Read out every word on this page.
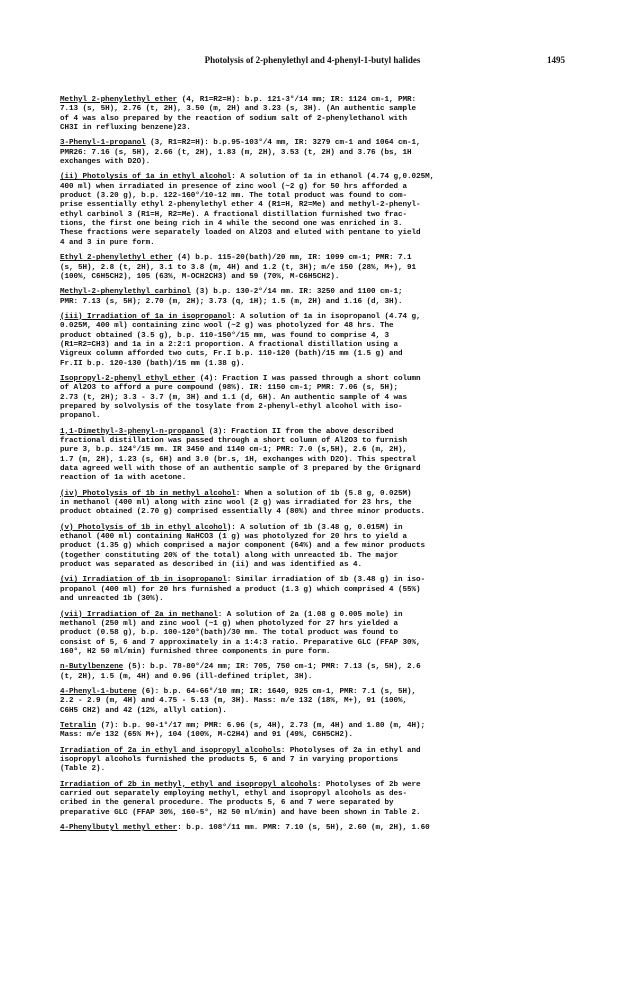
Photolysis of 2-phenylethyl and 4-phenyl-1-butyl halides	1495

Methyl 2-phenylethyl ether (4, R1=R2=H): b.p. 121-3°/14 mm; IR: 1124 cm-1, PMR:
7.13 (s, 5H), 2.76 (t, 2H), 3.50 (m, 2H) and 3.23 (s, 3H). (An authentic sample
of 4 was also prepared by the reaction of sodium salt of 2-phenylethanol with
CH3I in refluxing benzene)23.

3-Phenyl-1-propanol (3, R1=R2=H): b.p.95-103°/4 mm, IR: 3279 cm-1 and 1064 cm-1,
PMR26: 7.16 (s, 5H), 2.66 (t, 2H), 1.83 (m, 2H), 3.53 (t, 2H) and 3.76 (bs, 1H
exchanges with D2O).

(ii) Photolysis of 1a in ethyl alcohol: A solution of 1a in ethanol (4.74 g,0.025M,
400 ml) when irradiated in presence of zinc wool (~2 g) for 50 hrs afforded a
product (3.20 g), b.p. 122-160°/10-12 mm. The total product was found to com-
prise essentially ethyl 2-phenylethyl ether 4 (R1=H, R2=Me) and methyl-2-phenyl-
ethyl carbinol 3 (R1=H, R2=Me). A fractional distillation furnished two frac-
tions, the first one being rich in 4 while the second one was enriched in 3.
These fractions were separately loaded on Al2O3 and eluted with pentane to yield
4 and 3 in pure form.

Ethyl 2-phenylethyl ether (4) b.p. 115-20(bath)/20 mm, IR: 1099 cm-1; PMR: 7.1
(s, 5H), 2.8 (t, 2H), 3.1 to 3.8 (m, 4H) and 1.2 (t, 3H); m/e 150 (28%, M+), 91
(100%, C6H5CH2), 105 (63%, M-OCH2CH3) and 59 (70%, M-C6H5CH2).

Methyl-2-phenylethyl carbinol (3) b.p. 130-2°/14 mm. IR: 3250 and 1100 cm-1;
PMR: 7.13 (s, 5H); 2.70 (m, 2H); 3.73 (q, 1H); 1.5 (m, 2H) and 1.16 (d, 3H).

(iii) Irradiation of 1a in isopropanol: A solution of 1a in isopropanol (4.74 g,
0.025M, 400 ml) containing zinc wool (~2 g) was photolyzed for 48 hrs. The
product obtained (3.5 g), b.p. 110-150°/15 mm, was found to comprise 4, 3
(R1=R2=CH3) and 1a in a 2:2:1 proportion. A fractional distillation using a
Vigreux column afforded two cuts, Fr.I b.p. 110-120 (bath)/15 mm (1.5 g) and
Fr.II b.p. 120-130 (bath)/15 mm (1.38 g).

Isopropyl-2-phenyl ethyl ether (4): Fraction I was passed through a short column
of Al2O3 to afford a pure compound (98%). IR: 1150 cm-1; PMR: 7.06 (s, 5H);
2.73 (t, 2H); 3.3 - 3.7 (m, 3H) and 1.1 (d, 6H). An authentic sample of 4 was
prepared by solvolysis of the tosylate from 2-phenyl-ethyl alcohol with iso-
propanol.

1,1-Dimethyl-3-phenyl-n-propanol (3): Fraction II from the above described
fractional distillation was passed through a short column of Al2O3 to furnish
pure 3, b.p. 124°/15 mm. IR 3450 and 1140 cm-1; PMR: 7.0 (s,5H), 2.6 (m, 2H),
1.7 (m, 2H), 1.23 (s, 6H) and 3.0 (br.s, 1H, exchanges with D2O). This spectral
data agreed well with those of an authentic sample of 3 prepared by the Grignard
reaction of 1a with acetone.

(iv) Photolysis of 1b in methyl alcohol: When a solution of 1b (5.8 g, 0.025M)
in methanol (400 ml) along with zinc wool (2 g) was irradiated for 23 hrs, the
product obtained (2.70 g) comprised essentially 4 (80%) and three minor products.

(v) Photolysis of 1b in ethyl alcohol): A solution of 1b (3.48 g, 0.015M) in
ethanol (400 ml) containing NaHCO3 (1 g) was photolyzed for 20 hrs to yield a
product (1.35 g) which comprised a major component (64%) and a few minor products
(together constituting 20% of the total) along with unreacted 1b. The major
product was separated as described in (ii) and was identified as 4.

(vi) Irradiation of 1b in isopropanol: Similar irradiation of 1b (3.48 g) in iso-
propanol (400 ml) for 20 hrs furnished a product (1.3 g) which comprised 4 (55%)
and unreacted 1b (30%).

(vii) Irradiation of 2a in methanol: A solution of 2a (1.08 g 0.005 mole) in
methanol (250 ml) and zinc wool (~1 g) when photolyzed for 27 hrs yielded a
product (0.58 g), b.p. 100-120°(bath)/30 mm. The total product was found to
consist of 5, 6 and 7 approximately in a 1:4:3 ratio. Preparative GLC (FFAP 30%,
160°, H2 50 ml/min) furnished three components in pure form.

n-Butylbenzene (5): b.p. 78-80°/24 mm; IR: 705, 750 cm-1; PMR: 7.13 (s, 5H), 2.6
(t, 2H), 1.5 (m, 4H) and 0.96 (ill-defined triplet, 3H).

4-Phenyl-1-butene (6): b.p. 64-66°/10 mm; IR: 1640, 925 cm-1, PMR: 7.1 (s, 5H),
2.2 - 2.9 (m, 4H) and 4.75 - 5.13 (m, 3H). Mass: m/e 132 (18%, M+), 91 (100%,
C6H5 CH2) and 42 (12%, allyl cation).

Tetralin (7): b.p. 90-1°/17 mm; PMR: 6.96 (s, 4H), 2.73 (m, 4H) and 1.80 (m, 4H);
Mass: m/e 132 (65% M+), 104 (100%, M-C2H4) and 91 (49%, C6H5CH2).

Irradiation of 2a in ethyl and isopropyl alcohols: Photolyses of 2a in ethyl and
isopropyl alcohols furnished the products 5, 6 and 7 in varying proportions
(Table 2).

Irradiation of 2b in methyl, ethyl and isopropyl alcohols: Photolyses of 2b were
carried out separately employing methyl, ethyl and isopropyl alcohols as des-
cribed in the general procedure. The products 5, 6 and 7 were separated by
preparative GLC (FFAP 30%, 160-5°, H2 50 ml/min) and have been shown in Table 2.

4-Phenylbutyl methyl ether: b.p. 108°/11 mm. PMR: 7.10 (s, 5H), 2.60 (m, 2H), 1.60
